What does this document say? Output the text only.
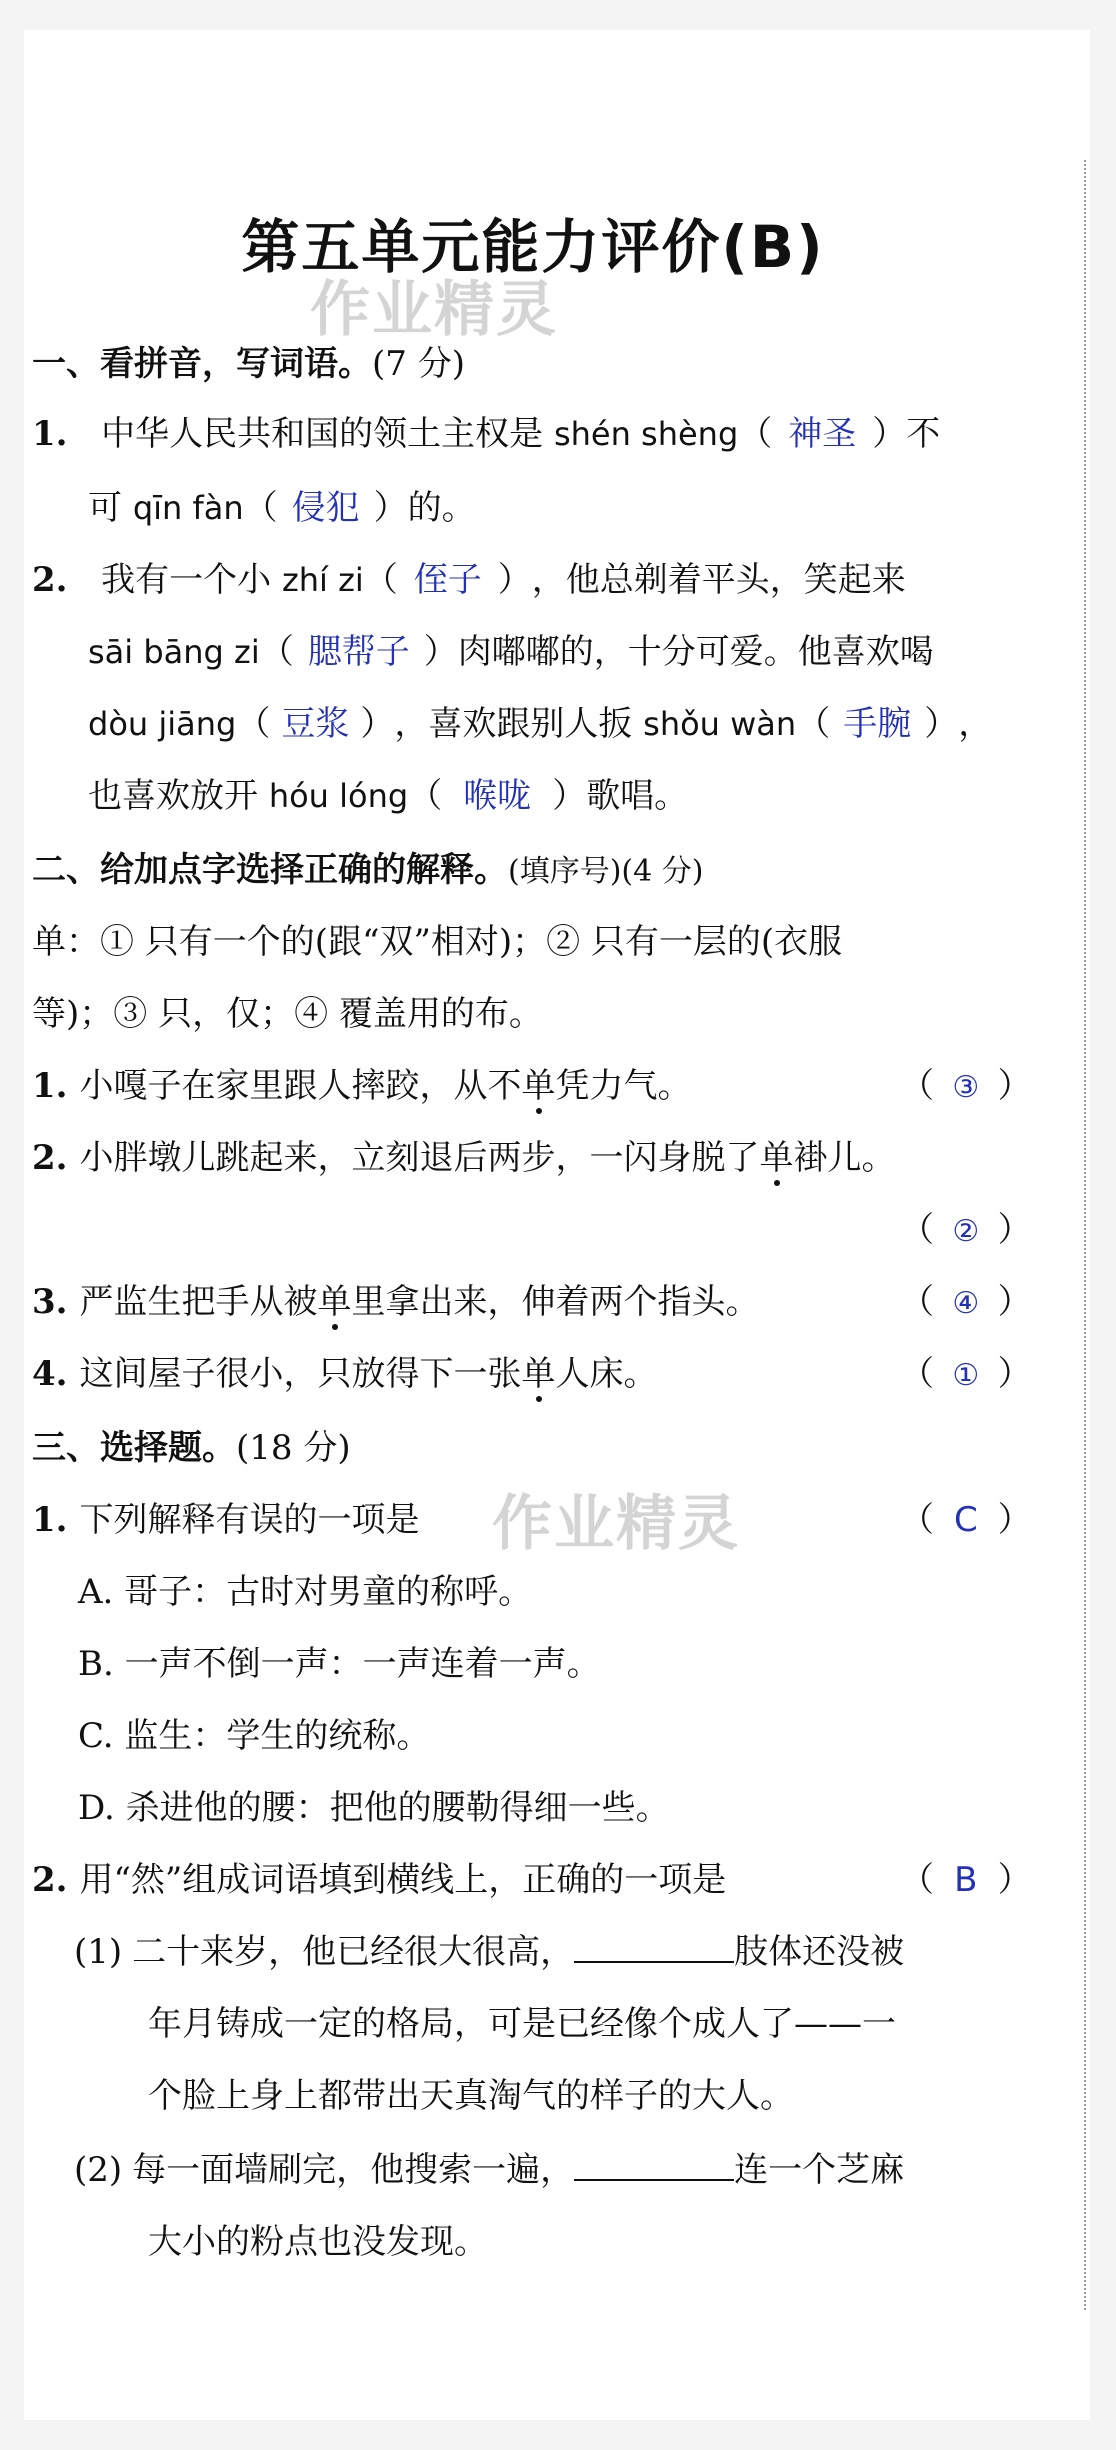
第五单元能力评价(B)
作业精灵
作业精灵
一、看拼音，写词语。(7 分)
1. 中华人民共和国的领土主权是 shén shèng（ 神圣 ）不
可 qīn fàn（ 侵犯 ）的。
2. 我有一个小 zhí zi（ 侄子 ），他总剃着平头，笑起来
sāi bāng zi（ 腮帮子 ）肉嘟嘟的，十分可爱。他喜欢喝
dòu jiāng（ 豆浆 ），喜欢跟别人扳 shǒu wàn（ 手腕 ），
也喜欢放开 hóu lóng（ 喉咙 ）歌唱。
二、给加点字选择正确的解释。(填序号)(4 分)
单：① 只有一个的(跟“双”相对)；② 只有一层的(衣服
等)；③ 只，仅；④ 覆盖用的布。
1. 小嘎子在家里跟人摔跤，从不单凭力气。	（ ③ ）
2. 小胖墩儿跳起来，立刻退后两步，一闪身脱了单褂儿。
（ ② ）
3. 严监生把手从被单里拿出来，伸着两个指头。	（ ④ ）
4. 这间屋子很小，只放得下一张单人床。	（ ① ）
三、选择题。(18 分)
1. 下列解释有误的一项是	（ C ）
A. 哥子：古时对男童的称呼。
B. 一声不倒一声：一声连着一声。
C. 监生：学生的统称。
D. 杀进他的腰：把他的腰勒得细一些。
2. 用“然”组成词语填到横线上，正确的一项是	（ B ）
(1) 二十来岁，他已经很大很高，	肢体还没被
年月铸成一定的格局，可是已经像个成人了——一
个脸上身上都带出天真淘气的样子的大人。
(2) 每一面墙刷完，他搜索一遍，	连一个芝麻
大小的粉点也没发现。
